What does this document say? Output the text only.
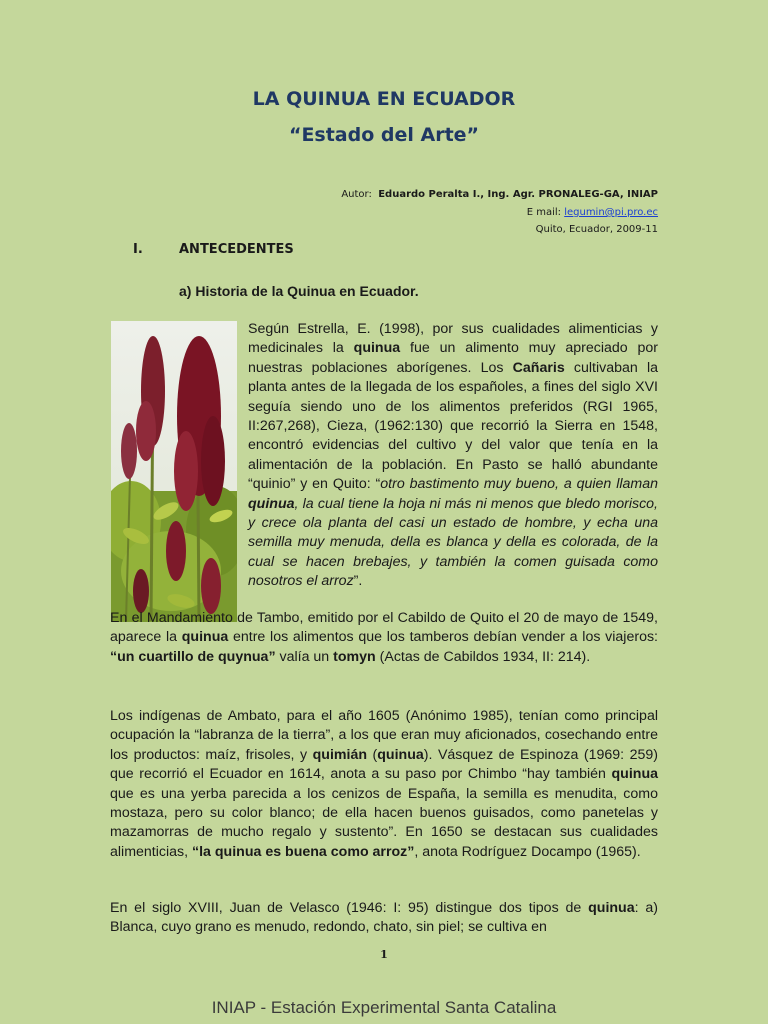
LA QUINUA EN ECUADOR
“Estado del Arte”
Autor: Eduardo Peralta I., Ing. Agr. PRONALEG-GA, INIAP
E mail: legumin@pi.pro.ec
Quito, Ecuador, 2009-11
I.	ANTECEDENTES
a) Historia de la Quinua en Ecuador.
Según Estrella, E. (1998), por sus cualidades alimenticias y medicinales la quinua fue un alimento muy apreciado por nuestras poblaciones aborígenes. Los Cañaris cultivaban la planta antes de la llegada de los españoles, a fines del siglo XVI seguía siendo uno de los alimentos preferidos (RGI 1965, II:267,268), Cieza, (1962:130) que recorrió la Sierra en 1548, encontró evidencias del cultivo y del valor que tenía en la alimentación de la población. En Pasto se halló abundante “quinio” y en Quito: “otro bastimento muy bueno, a quien llaman quinua, la cual tiene la hoja ni más ni menos que bledo morisco, y crece ola planta del casi un estado de hombre, y echa una semilla muy menuda, della es blanca y della es colorada, de la cual se hacen brebajes, y también la comen guisada como nosotros el arroz”.
En el Mandamiento de Tambo, emitido por el Cabildo de Quito el 20 de mayo de 1549, aparece la quinua entre los alimentos que los tamberos debían vender a los viajeros: “un cuartillo de quynua” valía un tomyn (Actas de Cabildos 1934, II: 214).
Los indígenas de Ambato, para el año 1605 (Anónimo 1985), tenían como principal ocupación la “labranza de la tierra”, a los que eran muy aficionados, cosechando entre los productos: maíz, frisoles, y quimián (quinua). Vásquez de Espinoza (1969: 259) que recorrió el Ecuador en 1614, anota a su paso por Chimbo “hay también quinua que es una yerba parecida a los cenizos de España, la semilla es menudita, como mostaza, pero su color blanco; de ella hacen buenos guisados, como panetelas y mazamorras de mucho regalo y sustento”. En 1650 se destacan sus cualidades alimenticias, “la quinua es buena como arroz”, anota Rodríguez Docampo (1965).
En el siglo XVIII, Juan de Velasco (1946: I: 95) distingue dos tipos de quinua: a) Blanca, cuyo grano es menudo, redondo, chato, sin piel; se cultiva en
1
INIAP - Estación Experimental Santa Catalina
